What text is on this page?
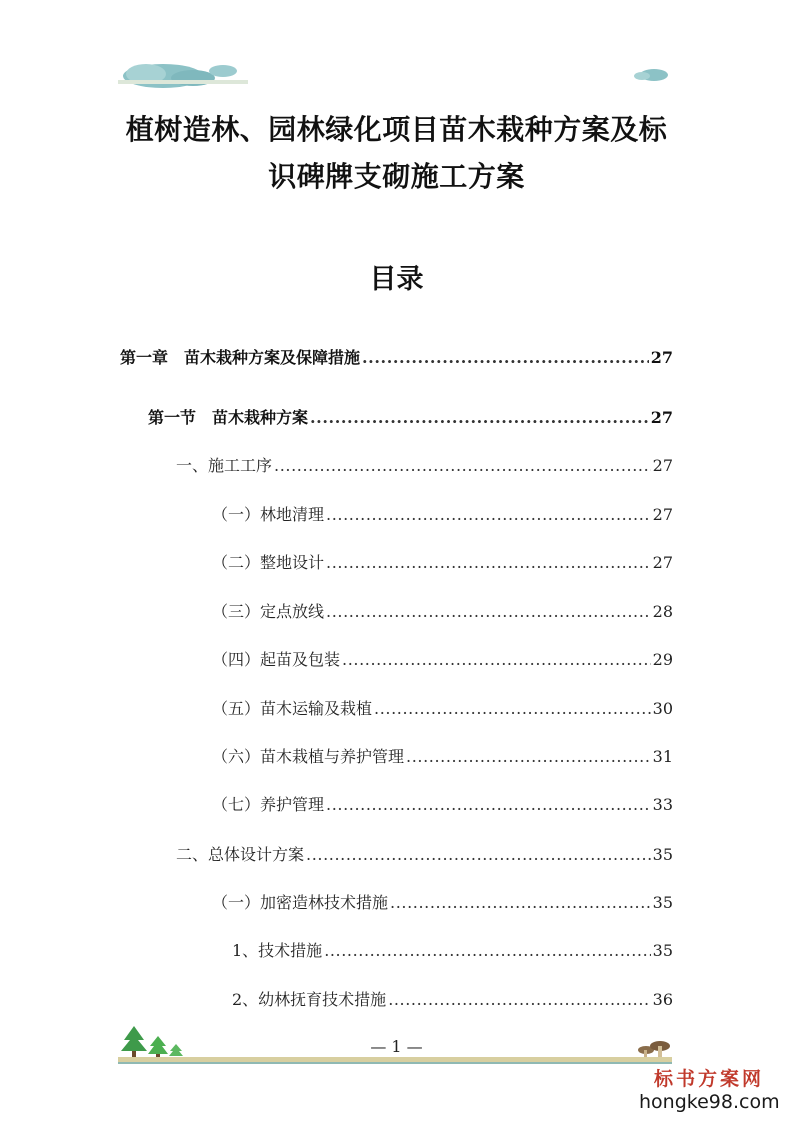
植树造林、园林绿化项目苗木栽种方案及标
识碑牌支砌施工方案
目录
第一章　苗木栽种方案及保障措施 .....	27
第一节　苗木栽种方案 .....	27
一、施工工序 .....	27
（一）林地清理 .....	27
（二）整地设计 .....	27
（三）定点放线 .....	28
（四）起苗及包装 .....	29
（五）苗木运输及栽植 .....	30
（六）苗木栽植与养护管理 .....	31
（七）养护管理 .....	33
二、总体设计方案 .....	35
（一）加密造林技术措施 .....	35
1、技术措施 .....	35
2、幼林抚育技术措施 .....	36
— 1 —
标书方案网
hongke98.com
